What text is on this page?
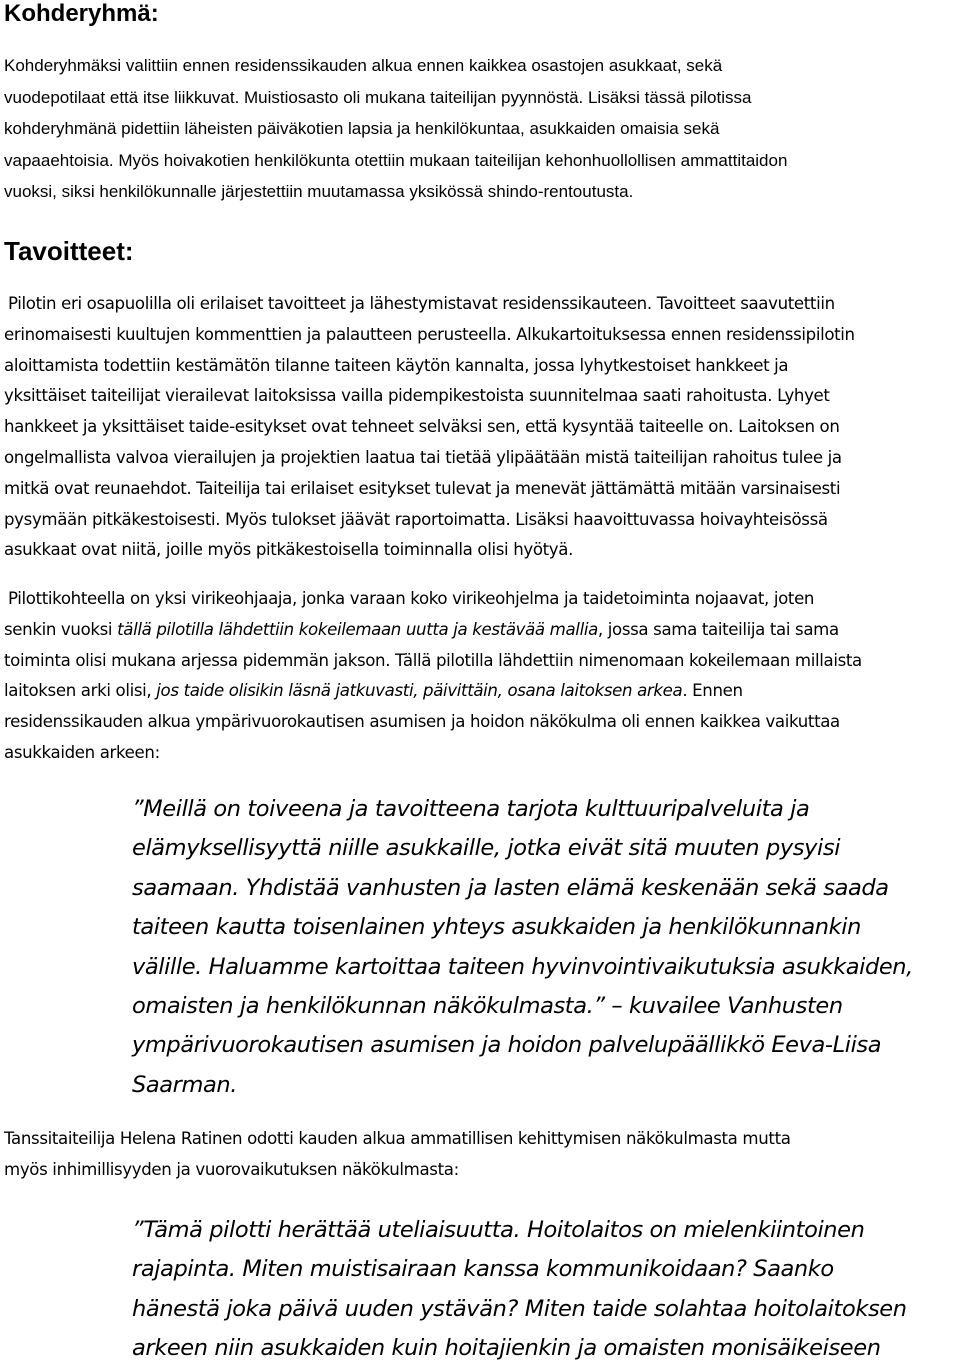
Kohderyhmä:

Kohderyhmäksi valittiin ennen residenssikauden alkua ennen kaikkea osastojen asukkaat, sekä
vuodepotilaat että itse liikkuvat. Muistiosasto oli mukana taiteilijan pyynnöstä. Lisäksi tässä pilotissa
kohderyhmänä pidettiin läheisten päiväkotien lapsia ja henkilökuntaa, asukkaiden omaisia sekä
vapaaehtoisia. Myös hoivakotien henkilökunta otettiin mukaan taiteilijan kehonhuollollisen ammattitaidon
vuoksi, siksi henkilökunnalle järjestettiin muutamassa yksikössä shindo-rentoutusta.

Tavoitteet:

Pilotin eri osapuolilla oli erilaiset tavoitteet ja lähestymistavat residenssikauteen. Tavoitteet saavutettiin
erinomaisesti kuultujen kommenttien ja palautteen perusteella. Alkukartoituksessa ennen residenssipilotin
aloittamista todettiin kestämätön tilanne taiteen käytön kannalta, jossa lyhytkestoiset hankkeet ja
yksittäiset taiteilijat vierailevat laitoksissa vailla pidempikestoista suunnitelmaa saati rahoitusta. Lyhyet
hankkeet ja yksittäiset taide-esitykset ovat tehneet selväksi sen, että kysyntää taiteelle on. Laitoksen on
ongelmallista valvoa vierailujen ja projektien laatua tai tietää ylipäätään mistä taiteilijan rahoitus tulee ja
mitkä ovat reunaehdot. Taiteilija tai erilaiset esitykset tulevat ja menevät jättämättä mitään varsinaisesti
pysymään pitkäkestoisesti. Myös tulokset jäävät raportoimatta. Lisäksi haavoittuvassa hoivayhteisössä
asukkaat ovat niitä, joille myös pitkäkestoisella toiminnalla olisi hyötyä.

Pilottikohteella on yksi virikeohjaaja, jonka varaan koko virikeohjelma ja taidetoiminta nojaavat, joten
senkin vuoksi tällä pilotilla lähdettiin kokeilemaan uutta ja kestävää mallia, jossa sama taiteilija tai sama
toiminta olisi mukana arjessa pidemmän jakson. Tällä pilotilla lähdettiin nimenomaan kokeilemaan millaista
laitoksen arki olisi, jos taide olisikin läsnä jatkuvasti, päivittäin, osana laitoksen arkea. Ennen
residenssikauden alkua ympärivuorokautisen asumisen ja hoidon näkökulma oli ennen kaikkea vaikuttaa
asukkaiden arkeen:

”Meillä on toiveena ja tavoitteena tarjota kulttuuripalveluita ja
elämyksellisyyttä niille asukkaille, jotka eivät sitä muuten pysyisi
saamaan. Yhdistää vanhusten ja lasten elämä keskenään sekä saada
taiteen kautta toisenlainen yhteys asukkaiden ja henkilökunnankin
välille. Haluamme kartoittaa taiteen hyvinvointivaikutuksia asukkaiden,
omaisten ja henkilökunnan näkökulmasta.” – kuvailee Vanhusten
ympärivuorokautisen asumisen ja hoidon palvelupäällikkö Eeva-Liisa
Saarman.

Tanssitaiteilija Helena Ratinen odotti kauden alkua ammatillisen kehittymisen näkökulmasta mutta
myös inhimillisyyden ja vuorovaikutuksen näkökulmasta:

”Tämä pilotti herättää uteliaisuutta. Hoitolaitos on mielenkiintoinen
rajapinta. Miten muistisairaan kanssa kommunikoidaan? Saanko
hänestä joka päivä uuden ystävän? Miten taide solahtaa hoitolaitoksen
arkeen niin asukkaiden kuin hoitajienkin ja omaisten monisäikeiseen
